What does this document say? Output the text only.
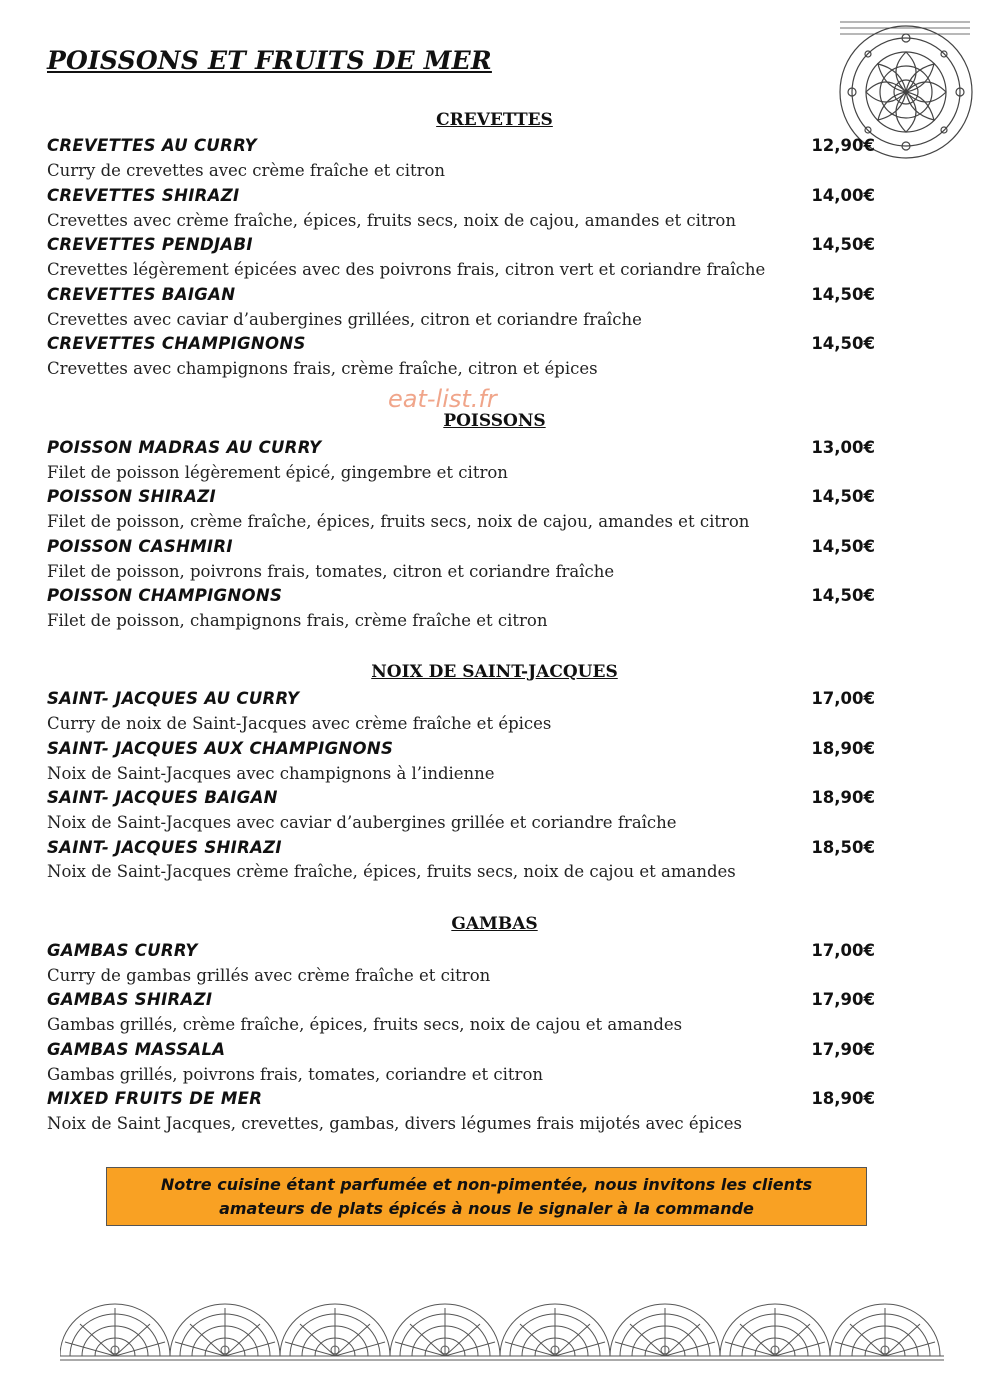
POISSONS ET FRUITS DE MER
eat-list.fr
CREVETTES
CREVETTES AU CURRY	12,90€
Curry de crevettes avec crème fraîche et citron
CREVETTES SHIRAZI	14,00€
Crevettes avec crème fraîche, épices, fruits secs, noix de cajou, amandes et citron
CREVETTES PENDJABI	14,50€
Crevettes légèrement épicées avec des poivrons frais, citron vert et coriandre fraîche
CREVETTES BAIGAN	14,50€
Crevettes avec caviar d’aubergines grillées, citron et coriandre fraîche
CREVETTES CHAMPIGNONS	14,50€
Crevettes avec champignons frais, crème fraîche, citron et épices
POISSONS
POISSON MADRAS AU CURRY	13,00€
Filet de poisson légèrement épicé, gingembre et citron
POISSON SHIRAZI	14,50€
Filet de poisson, crème fraîche, épices, fruits secs, noix de cajou, amandes et citron
POISSON CASHMIRI	14,50€
Filet de poisson, poivrons frais, tomates, citron et coriandre fraîche
POISSON CHAMPIGNONS	14,50€
Filet de poisson, champignons frais, crème fraîche et citron
NOIX DE SAINT-JACQUES
SAINT- JACQUES AU CURRY	17,00€
Curry de noix de Saint-Jacques avec crème fraîche et épices
SAINT- JACQUES AUX CHAMPIGNONS	18,90€
Noix de Saint-Jacques avec champignons à l’indienne
SAINT- JACQUES BAIGAN	18,90€
Noix de Saint-Jacques avec caviar d’aubergines grillée et coriandre fraîche
SAINT- JACQUES SHIRAZI	18,50€
Noix de Saint-Jacques crème fraîche, épices, fruits secs, noix de cajou et amandes
GAMBAS
GAMBAS CURRY	17,00€
Curry de gambas grillés avec crème fraîche et citron
GAMBAS SHIRAZI	17,90€
Gambas grillés, crème fraîche, épices, fruits secs, noix de cajou et amandes
GAMBAS MASSALA	17,90€
Gambas grillés, poivrons frais, tomates, coriandre et citron
MIXED FRUITS DE MER	18,90€
Noix de Saint Jacques, crevettes, gambas, divers légumes frais mijotés avec épices
Notre cuisine étant parfumée et non-pimentée, nous invitons les clients
amateurs de plats épicés à nous le signaler à la commande
